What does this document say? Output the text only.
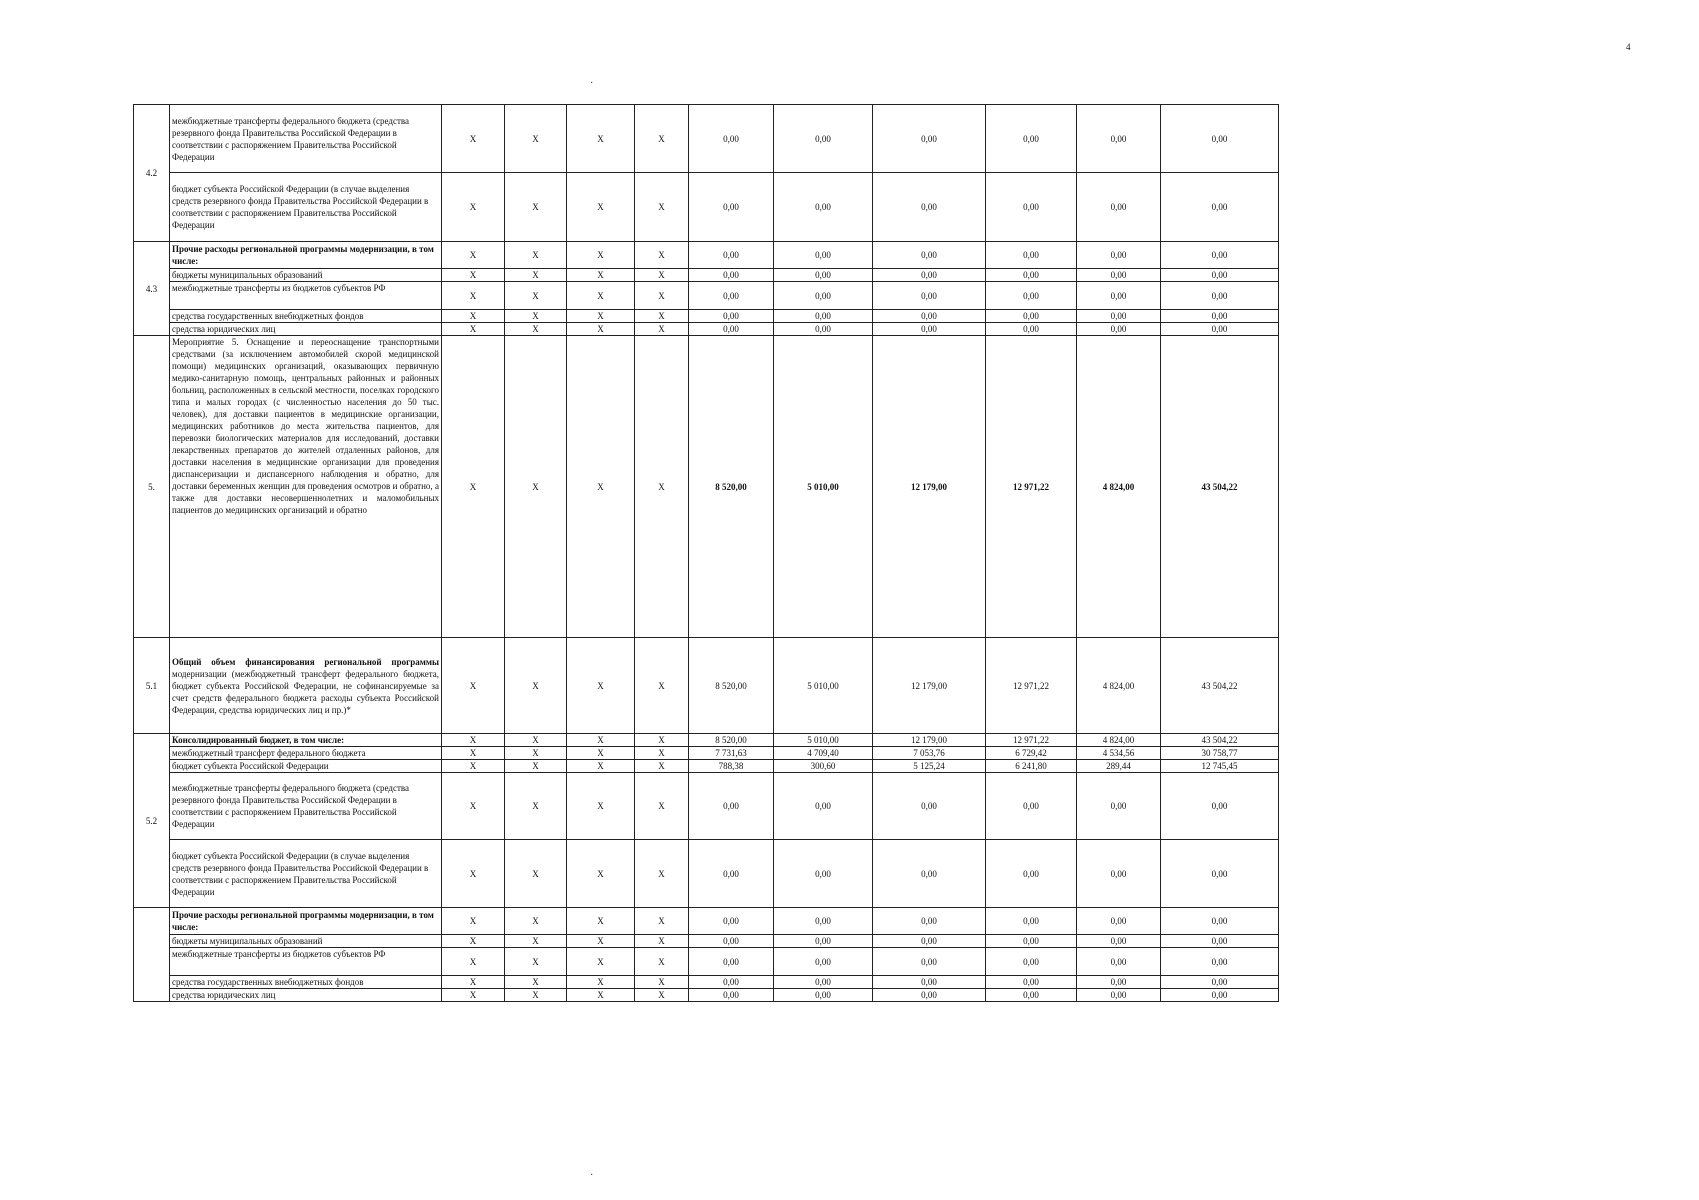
4
·
·
4.2	межбюджетные трансферты федерального бюджета (средства резервного фонда Правительства Российской Федерации в соответствии с распоряжением Правительства Российской Федерации	X	X	X	X	0,00	0,00	0,00	0,00	0,00	0,00
	бюджет субъекта Российской Федерации (в случае выделения средств резервного фонда Правительства Российской Федерации в соответствии с распоряжением Правительства Российской Федерации	X	X	X	X	0,00	0,00	0,00	0,00	0,00	0,00
4.3	Прочие расходы региональной программы модернизации, в том числе:	X	X	X	X	0,00	0,00	0,00	0,00	0,00	0,00
	бюджеты муниципальных образований	X	X	X	X	0,00	0,00	0,00	0,00	0,00	0,00
	межбюджетные трансферты из бюджетов субъектов РФ	X	X	X	X	0,00	0,00	0,00	0,00	0,00	0,00
	средства государственных внебюджетных фондов	X	X	X	X	0,00	0,00	0,00	0,00	0,00	0,00
	средства юридических лиц	X	X	X	X	0,00	0,00	0,00	0,00	0,00	0,00
5.	Мероприятие 5. Оснащение и переоснащение транспортными средствами (за исключением автомобилей скорой медицинской помощи) медицинских организаций, оказывающих первичную медико-санитарную помощь, центральных районных и районных больниц, расположенных в сельской местности, поселках городского типа и малых городах (с численностью населения до 50 тыс. человек), для доставки пациентов в медицинские организации, медицинских работников до места жительства пациентов, для перевозки биологических материалов для исследований, доставки лекарственных препаратов до жителей отдаленных районов, для доставки населения в медицинские организации для проведения диспансеризации и диспансерного наблюдения и обратно, для доставки беременных женщин для проведения осмотров и обратно, а также для доставки несовершеннолетних и маломобильных пациентов до медицинских организаций и обратно	X	X	X	X	8 520,00	5 010,00	12 179,00	12 971,22	4 824,00	43 504,22
5.1	Общий объем финансирования региональной программы модернизации (межбюджетный трансферт федерального бюджета, бюджет субъекта Российской Федерации, не софинансируемые за счет средств федерального бюджета расходы субъекта Российской Федерации, средства юридических лиц и пр.)*	X	X	X	X	8 520,00	5 010,00	12 179,00	12 971,22	4 824,00	43 504,22
5.2	Консолидированный бюджет, в том числе:	X	X	X	X	8 520,00	5 010,00	12 179,00	12 971,22	4 824,00	43 504,22
	межбюджетный трансферт федерального бюджета	X	X	X	X	7 731,63	4 709,40	7 053,76	6 729,42	4 534,56	30 758,77
	бюджет субъекта Российской Федерации	X	X	X	X	788,38	300,60	5 125,24	6 241,80	289,44	12 745,45
	межбюджетные трансферты федерального бюджета (средства резервного фонда Правительства Российской Федерации в соответствии с распоряжением Правительства Российской Федерации	X	X	X	X	0,00	0,00	0,00	0,00	0,00	0,00
	бюджет субъекта Российской Федерации (в случае выделения средств резервного фонда Правительства Российской Федерации в соответствии с распоряжением Правительства Российской Федерации	X	X	X	X	0,00	0,00	0,00	0,00	0,00	0,00
	Прочие расходы региональной программы модернизации, в том числе:	X	X	X	X	0,00	0,00	0,00	0,00	0,00	0,00
	бюджеты муниципальных образований	X	X	X	X	0,00	0,00	0,00	0,00	0,00	0,00
	межбюджетные трансферты из бюджетов субъектов РФ	X	X	X	X	0,00	0,00	0,00	0,00	0,00	0,00
	средства государственных внебюджетных фондов	X	X	X	X	0,00	0,00	0,00	0,00	0,00	0,00
	средства юридических лиц	X	X	X	X	0,00	0,00	0,00	0,00	0,00	0,00
